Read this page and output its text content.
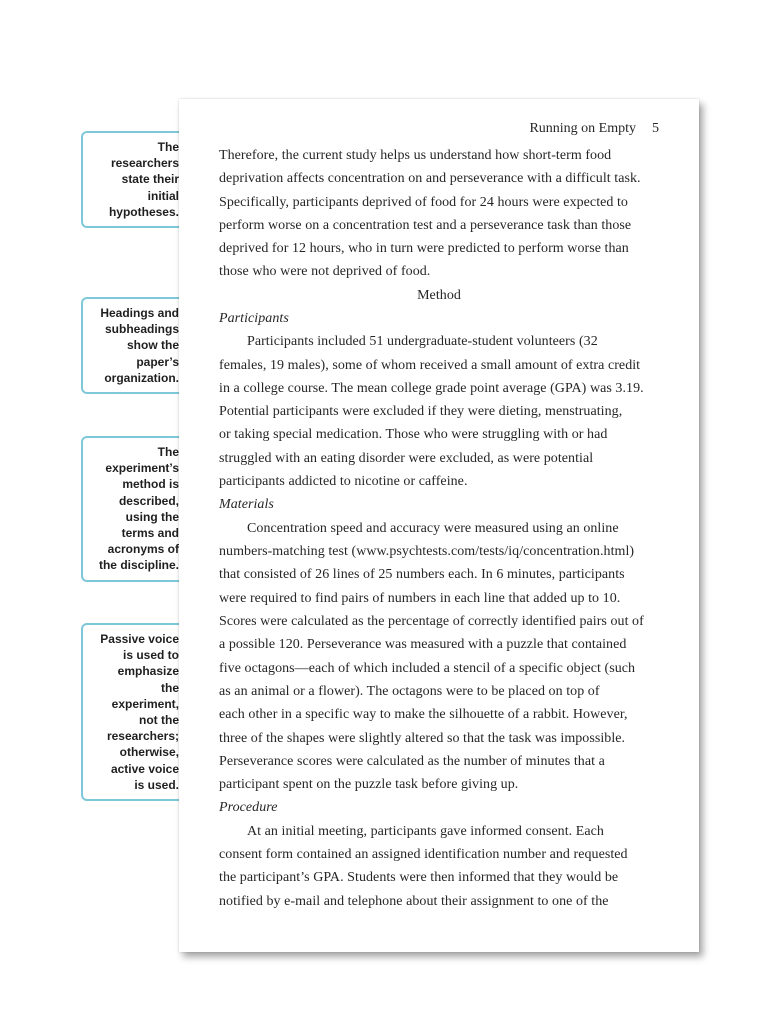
The
researchers
state their
initial
hypotheses.
Headings and
subheadings
show the
paper’s
organization.
The
experiment’s
method is
described,
using the
terms and
acronyms of
the discipline.
Passive voice
is used to
emphasize
the
experiment,
not the
researchers;
otherwise,
active voice
is used.
Running on Empty 5
Therefore, the current study helps us understand how short-term food
deprivation affects concentration on and perseverance with a difficult task.
Specifically, participants deprived of food for 24 hours were expected to
perform worse on a concentration test and a perseverance task than those
deprived for 12 hours, who in turn were predicted to perform worse than
those who were not deprived of food.
Method
Participants
Participants included 51 undergraduate-student volunteers (32
females, 19 males), some of whom received a small amount of extra credit
in a college course. The mean college grade point average (GPA) was 3.19.
Potential participants were excluded if they were dieting, menstruating,
or taking special medication. Those who were struggling with or had
struggled with an eating disorder were excluded, as were potential
participants addicted to nicotine or caffeine.
Materials
Concentration speed and accuracy were measured using an online
numbers-matching test (www.psychtests.com/tests/iq/concentration.html)
that consisted of 26 lines of 25 numbers each. In 6 minutes, participants
were required to find pairs of numbers in each line that added up to 10.
Scores were calculated as the percentage of correctly identified pairs out of
a possible 120. Perseverance was measured with a puzzle that contained
five octagons—each of which included a stencil of a specific object (such
as an animal or a flower). The octagons were to be placed on top of
each other in a specific way to make the silhouette of a rabbit. However,
three of the shapes were slightly altered so that the task was impossible.
Perseverance scores were calculated as the number of minutes that a
participant spent on the puzzle task before giving up.
Procedure
At an initial meeting, participants gave informed consent. Each
consent form contained an assigned identification number and requested
the participant’s GPA. Students were then informed that they would be
notified by e-mail and telephone about their assignment to one of the
